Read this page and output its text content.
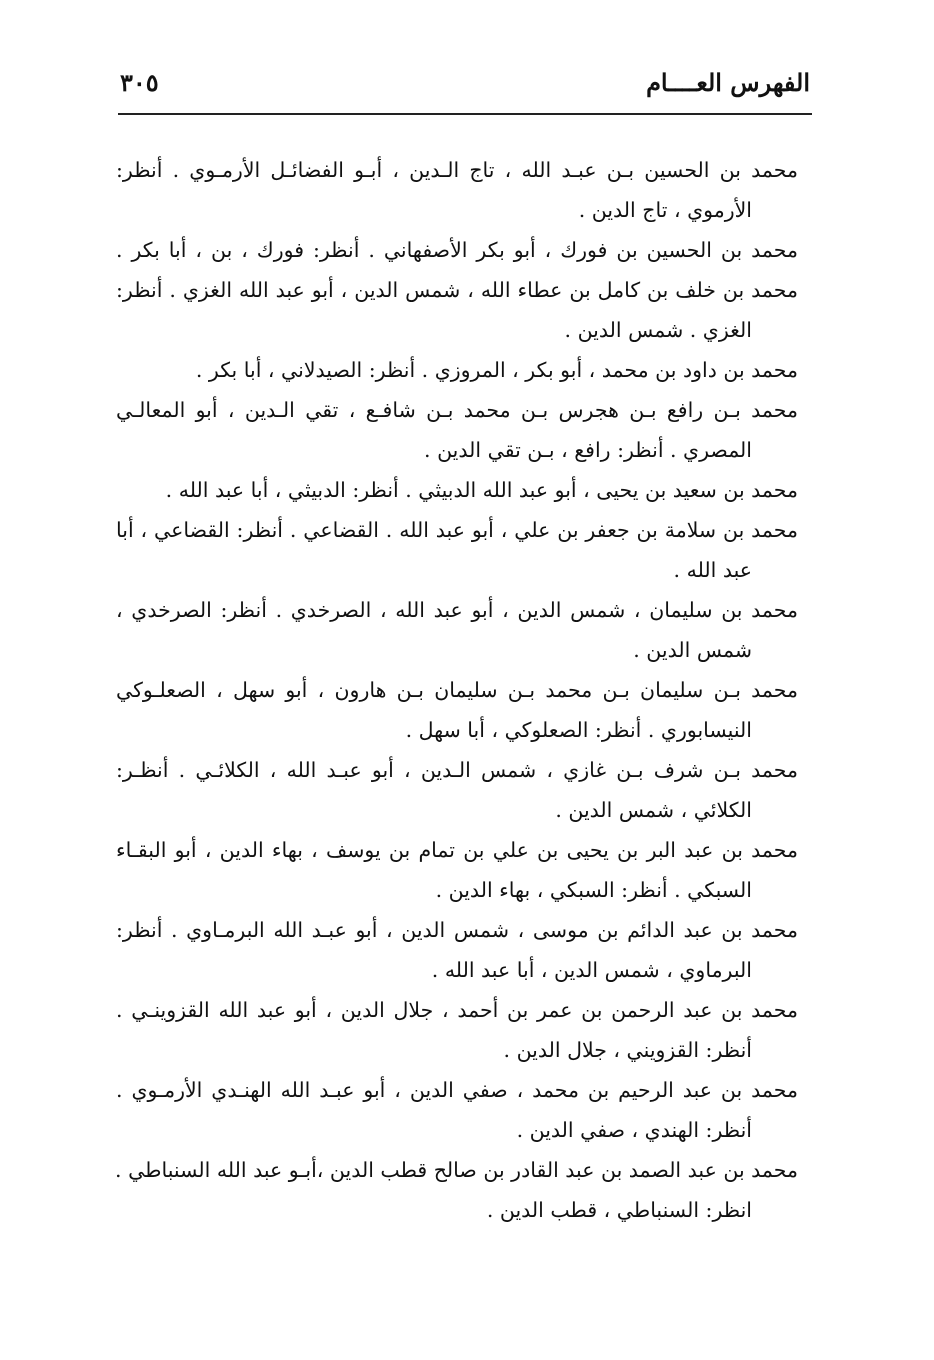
الفهرس العــــام
٣٠٥

محمد بن الحسين بـن عبـد الله ، تاج الـدين ، أبـو الفضائـل الأرمـوي . أنظر:
الأرموي ، تاج الدين .

محمد بن الحسين بن فورك ، أبو بكر الأصفهاني . أنظر: فورك ، بن ، أبا بكر .

محمد بن خلف بن كامل بن عطاء الله ، شمس الدين ، أبو عبد الله الغزي . أنظر:
الغزي . شمس الدين .

محمد بن داود بن محمد ، أبو بكر ، المروزي . أنظر: الصيدلاني ، أبا بكر .

محمد بـن رافع بـن هجرس بـن محمد بـن شافـع ، تقي الـدين ، أبو المعالـي
المصري . أنظر: رافع ، بـن تقي الدين .

محمد بن سعيد بن يحيى ، أبو عبد الله الدبيثي . أنظر: الدبيثي ، أبا عبد الله .

محمد بن سلامة بن جعفر بن علي ، أبو عبد الله . القضاعي . أنظر: القضاعي ، أبا
عبد الله .

محمد بن سليمان ، شمس الدين ، أبو عبد الله ، الصرخدي . أنظر: الصرخدي ،
شمس الدين .

محمد بـن سليمان بـن محمد بـن سليمان بـن هارون ، أبو سهل ، الصعلـوكي
النيسابوري . أنظر: الصعلوكي ، أبا سهل .

محمد بـن شرف بـن غازي ، شمس الـدين ، أبو عبـد الله ، الكلائـي . أنظـر:
الكلائي ، شمس الدين .

محمد بن عبد البر بن يحيى بن علي بن تمام بن يوسف ، بهاء الدين ، أبو البقـاء
السبكي . أنظر: السبكي ، بهاء الدين .

محمد بن عبد الدائم بن موسى ، شمس الدين ، أبو عبـد الله البرمـاوي . أنظر:
البرماوي ، شمس الدين ، أبا عبد الله .

محمد بن عبد الرحمن بن عمر بن أحمد ، جلال الدين ، أبو عبد الله القزوينـي .
أنظر: القزويني ، جلال الدين .

محمد بن عبد الرحيم بن محمد ، صفي الدين ، أبو عبـد الله الهنـدي الأرمـوي .
أنظر: الهندي ، صفي الدين .

محمد بن عبد الصمد بن عبد القادر بن صالح قطب الدين ،أبـو عبد الله السنباطي .
انظر: السنباطي ، قطب الدين .
